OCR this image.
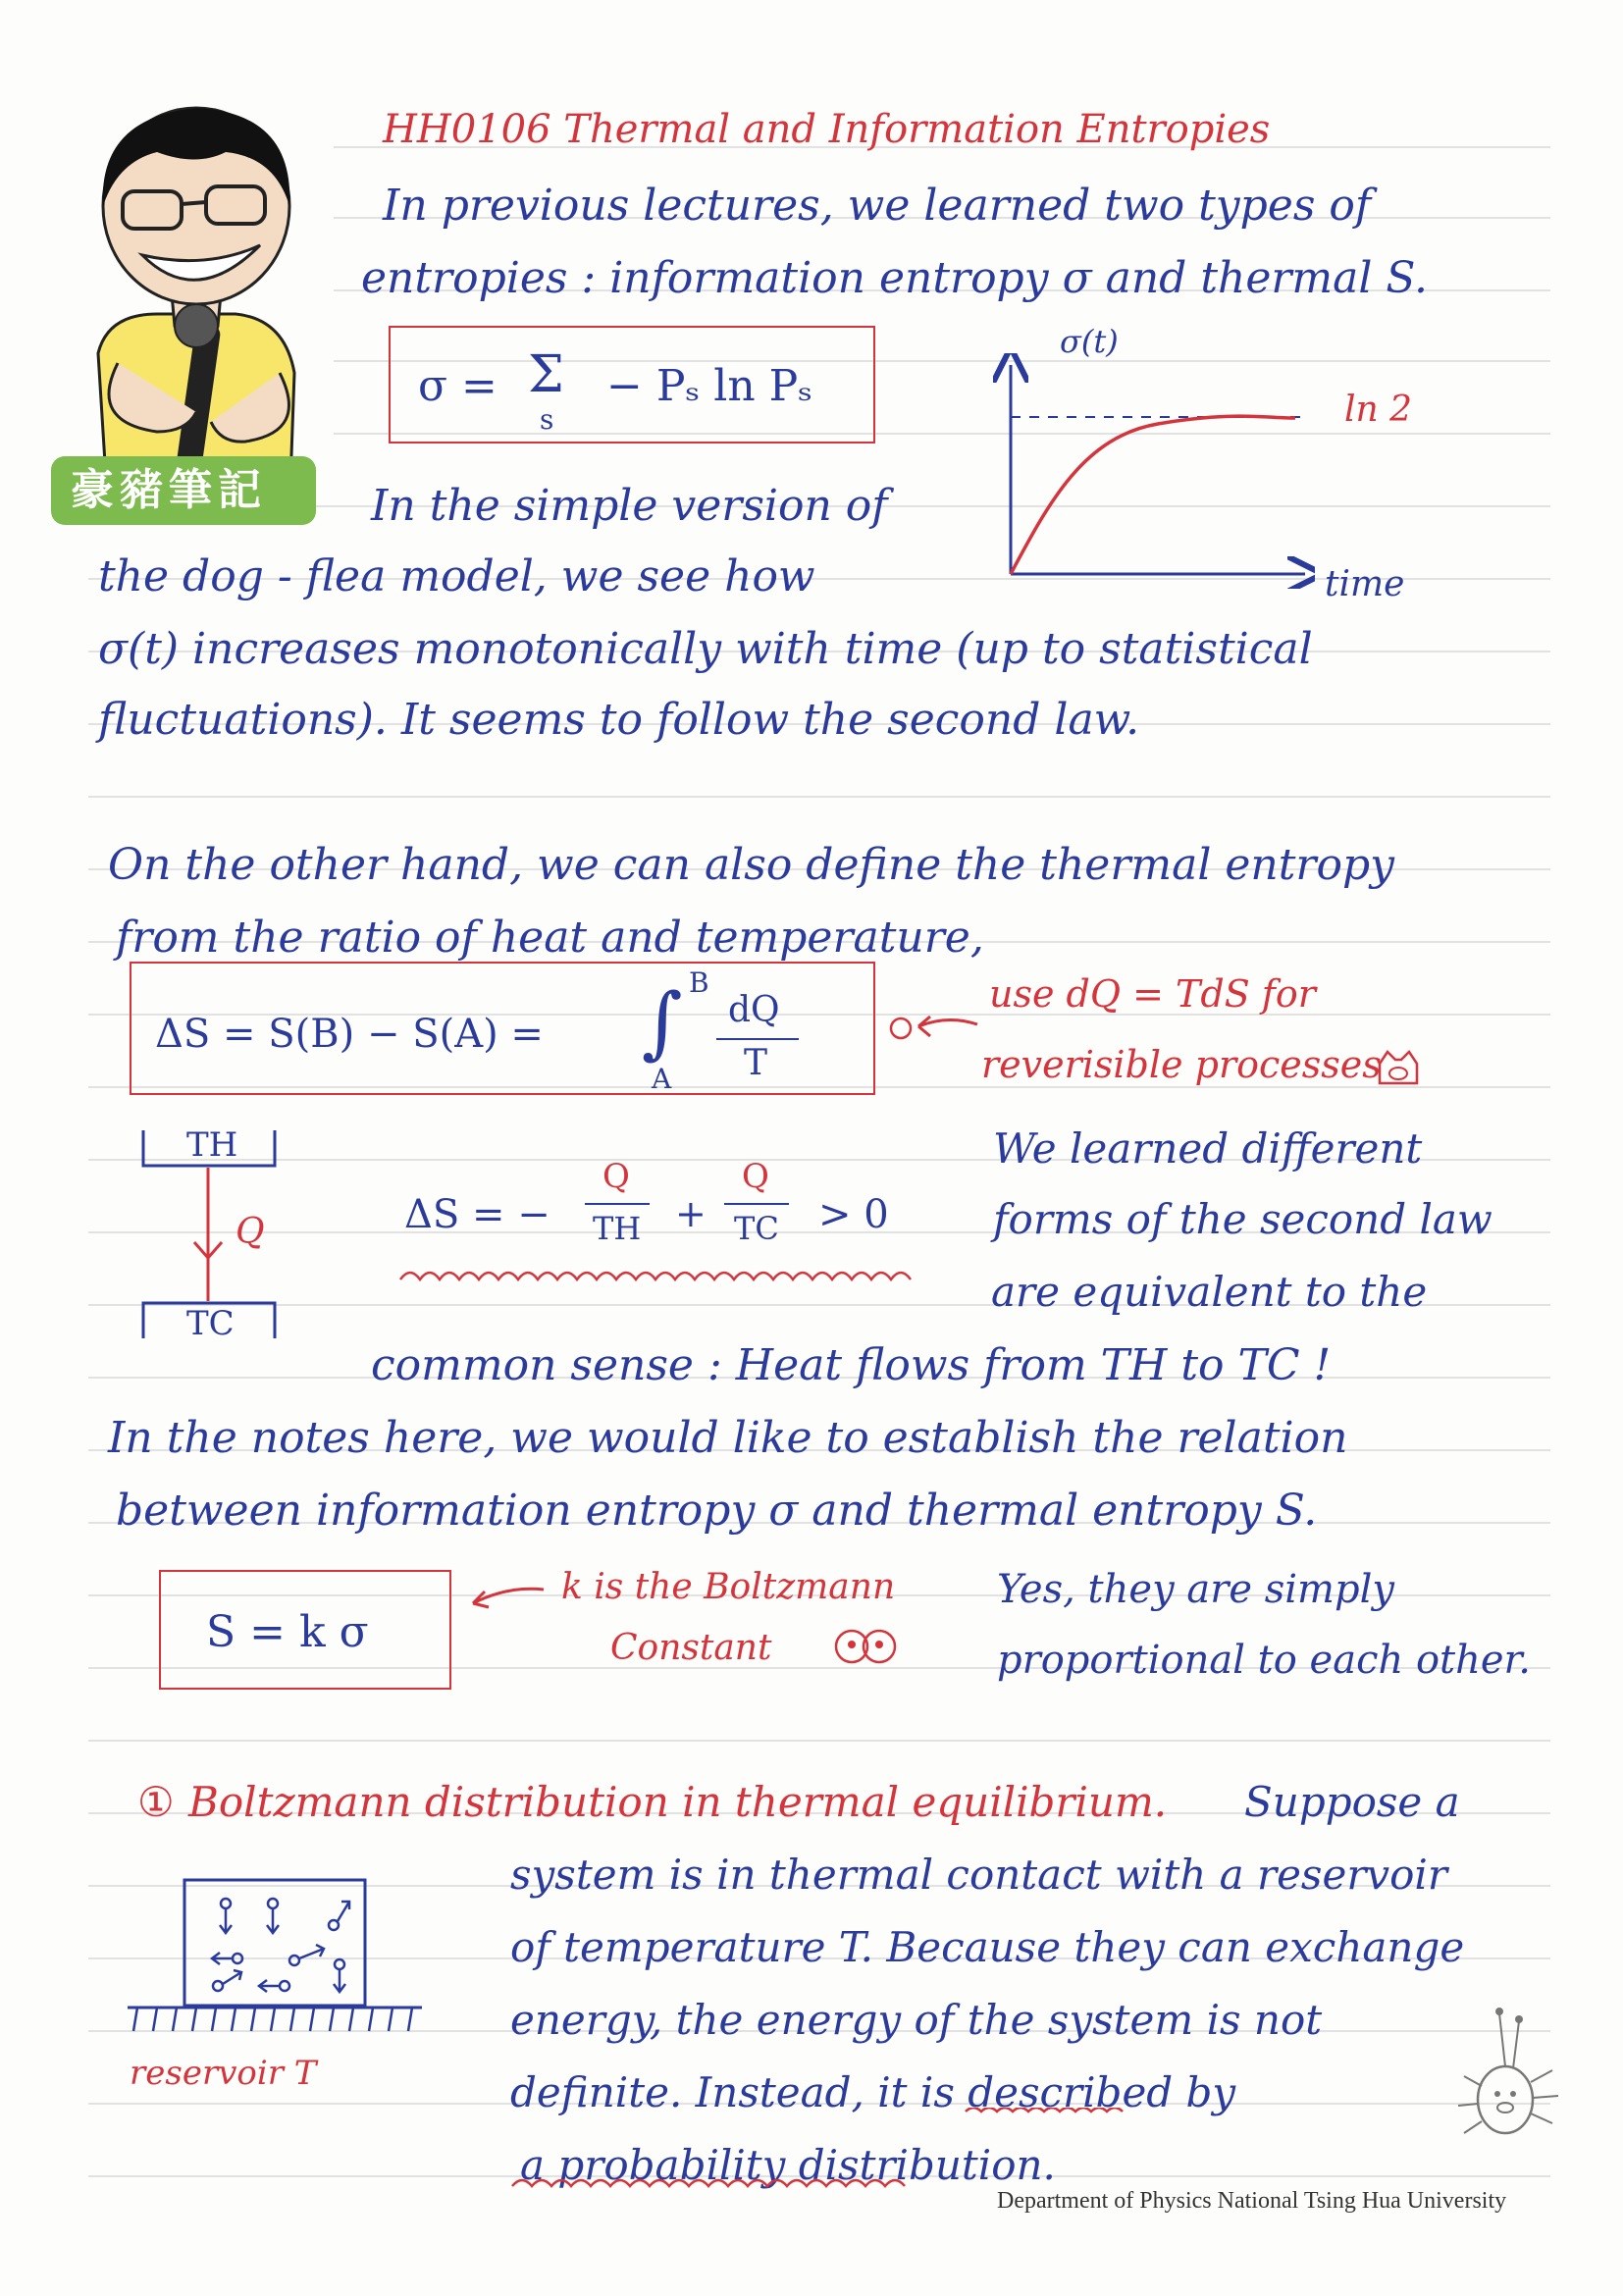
豪豬筆記
HH0106 Thermal and Information Entropies
In previous lectures, we learned two types of
entropies : information entropy σ and thermal S.
σ = Σ
s
− Pₛ ln Pₛ
σ(t)
ln 2
time
In the simple version of
the dog - flea model, we see how
σ(t) increases monotonically with time (up to statistical
fluctuations). It seems to follow the second law.
On the other hand, we can also define the thermal entropy
from the ratio of heat and temperature,
ΔS = S(B) − S(A) = ∫ B
A
dQ
T
use dQ = TdS for
reverisible processes
TH
Q
TC
ΔS = −
Q
TH +
Q
TC > 0
We learned different
forms of the second law
are equivalent to the
common sense : Heat flows from TH to TC !
In the notes here, we would like to establish the relation
between information entropy σ and thermal entropy S.
S = k σ
k is the Boltzmann
Constant
Yes, they are simply
proportional to each other.
① Boltzmann distribution in thermal equilibrium. Suppose a
system is in thermal contact with a reservoir
of temperature T. Because they can exchange
energy, the energy of the system is not
definite. Instead, it is described by
a probability distribution.
reservoir T
Department of Physics National Tsing Hua University
